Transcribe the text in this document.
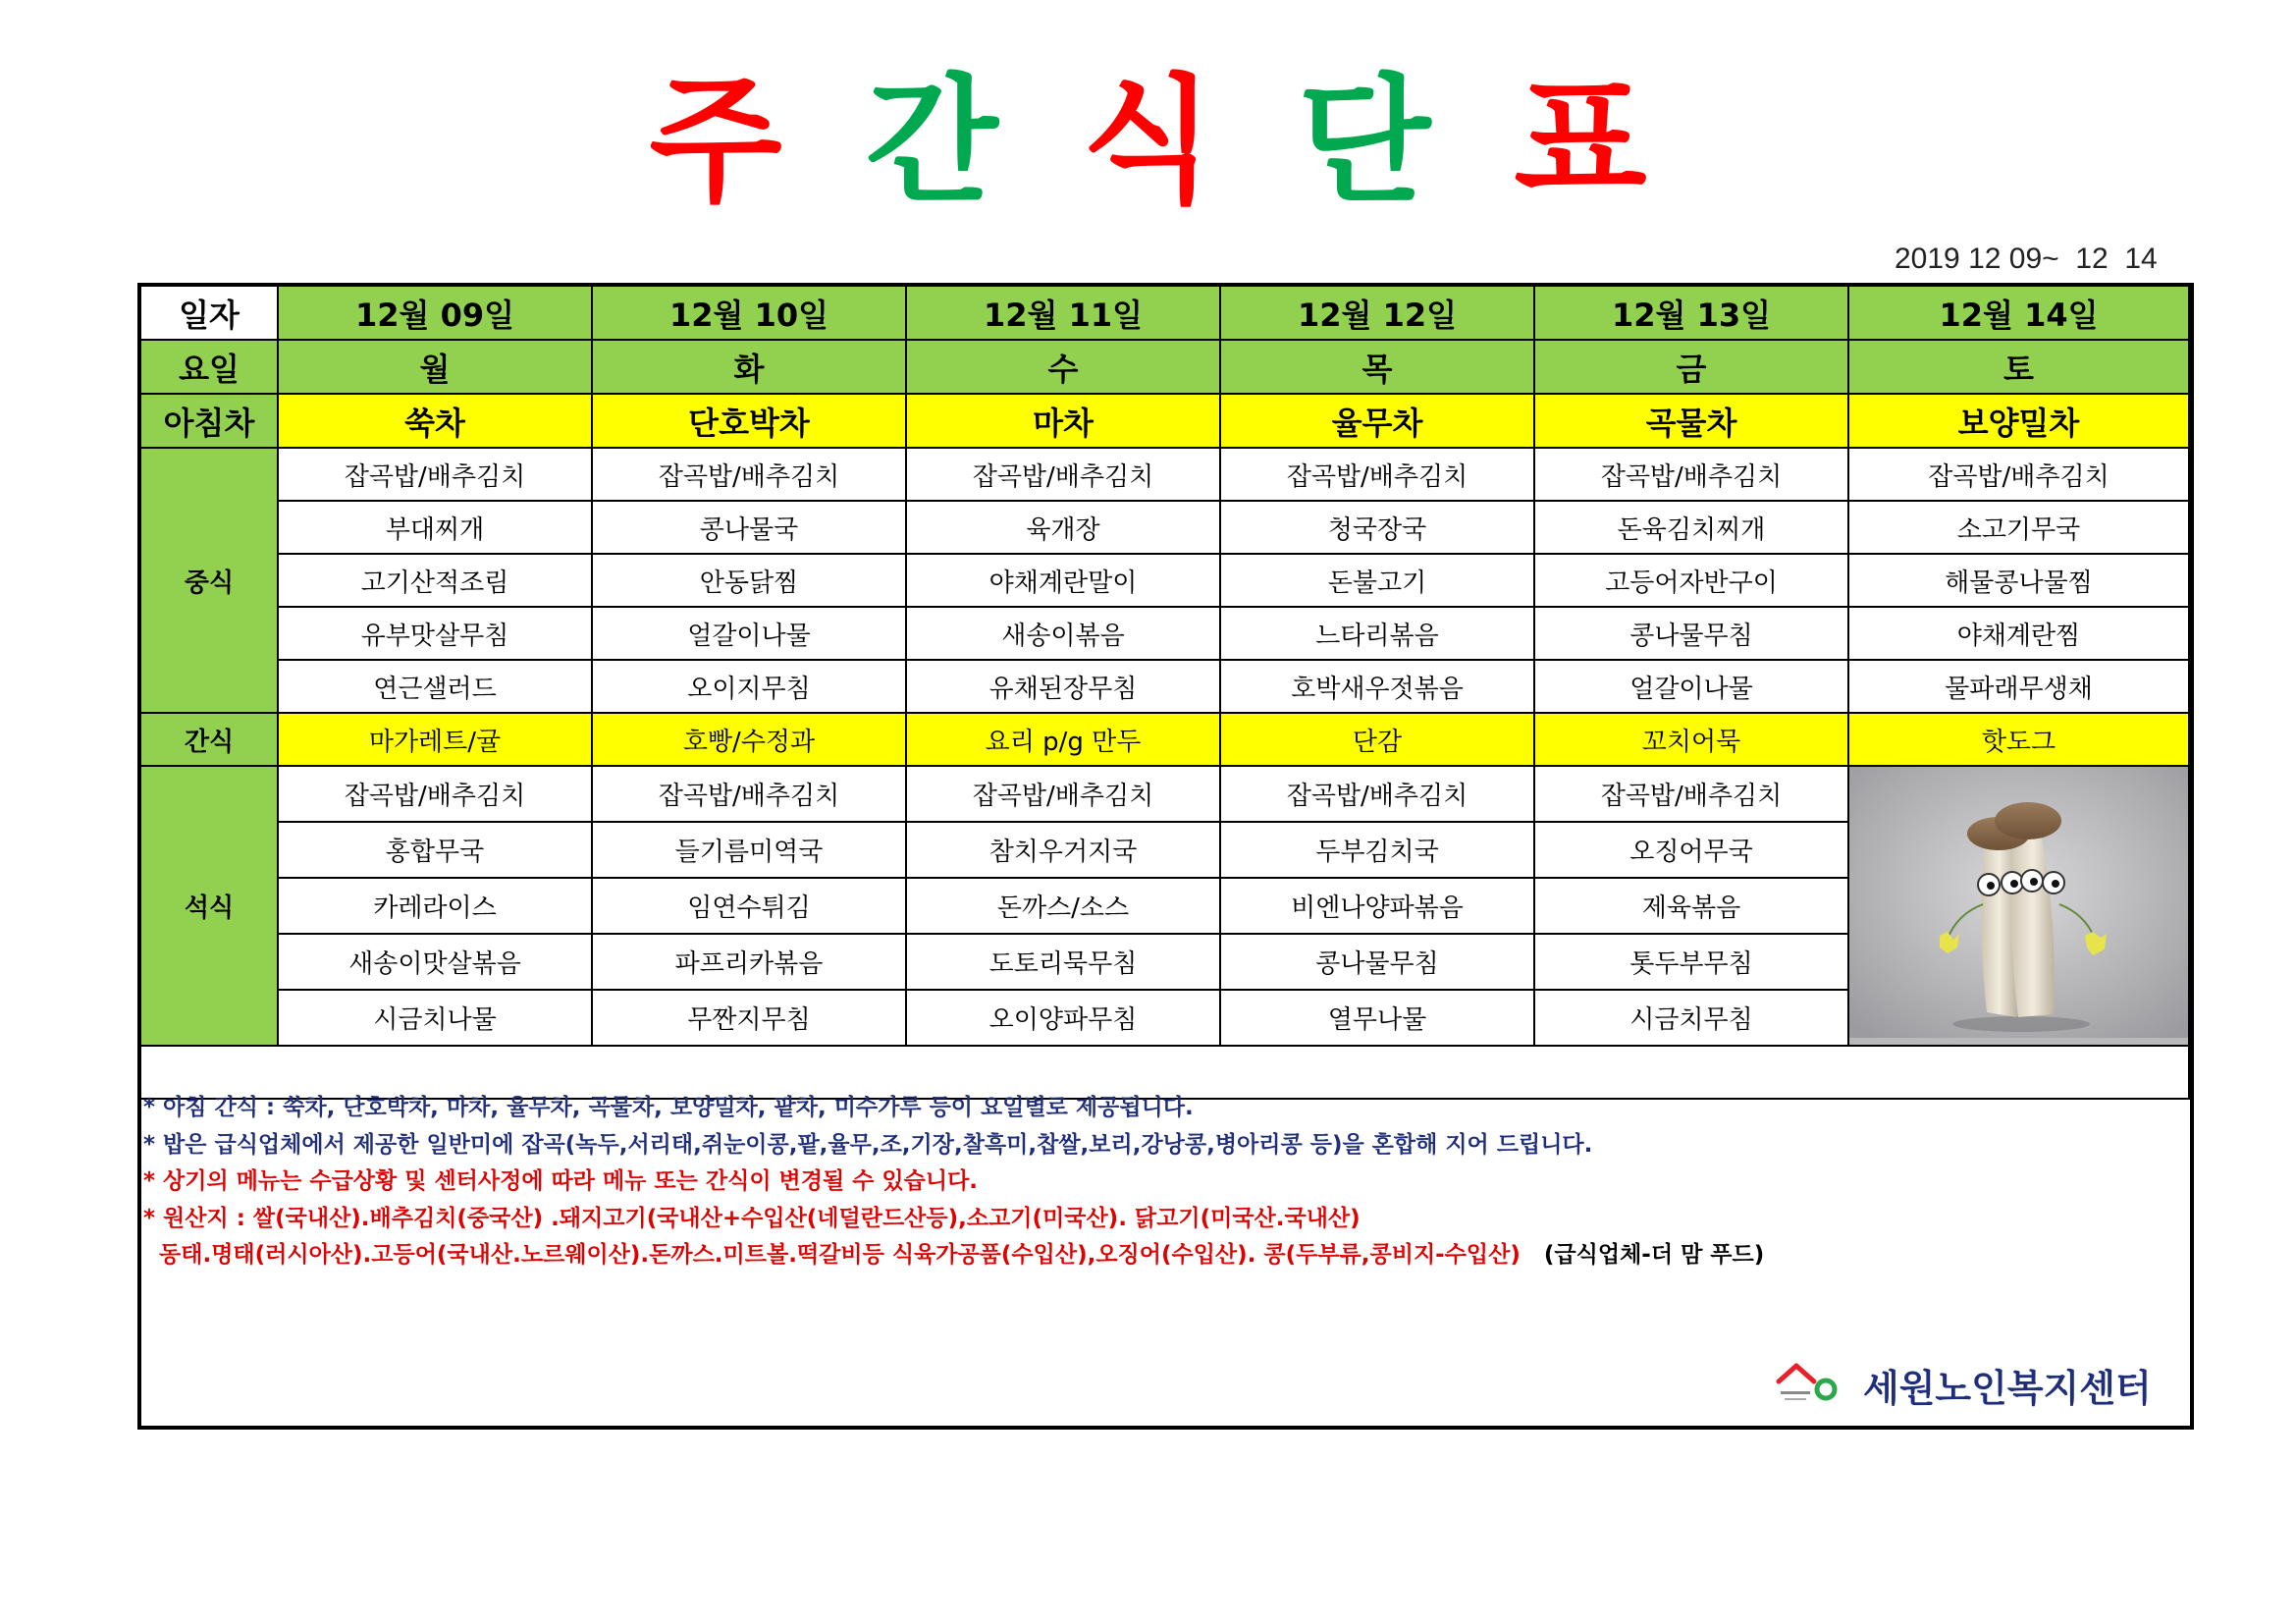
주 간 식 단 표
2019 12 09~  12  14
일자	12월 09일	12월 10일	12월 11일	12월 12일	12월 13일	12월 14일
요일	월	화	수	목	금	토
아침차	쑥차	단호박차	마차	율무차	곡물차	보양밀차
중식	잡곡밥/배추김치	잡곡밥/배추김치	잡곡밥/배추김치	잡곡밥/배추김치	잡곡밥/배추김치	잡곡밥/배추김치
	부대찌개	콩나물국	육개장	청국장국	돈육김치찌개	소고기무국
	고기산적조림	안동닭찜	야채계란말이	돈불고기	고등어자반구이	해물콩나물찜
	유부맛살무침	얼갈이나물	새송이볶음	느타리볶음	콩나물무침	야채계란찜
	연근샐러드	오이지무침	유채된장무침	호박새우젓볶음	얼갈이나물	물파래무생채
간식	마가레트/귤	호빵/수정과	요리 p/g 만두	단감	꼬치어묵	핫도그
석식	잡곡밥/배추김치	잡곡밥/배추김치	잡곡밥/배추김치	잡곡밥/배추김치	잡곡밥/배추김치	
	홍합무국	들기름미역국	참치우거지국	두부김치국	오징어무국	
	카레라이스	임연수튀김	돈까스/소스	비엔나양파볶음	제육볶음	
	새송이맛살볶음	파프리카볶음	도토리묵무침	콩나물무침	톳두부무침	
	시금치나물	무짠지무침	오이양파무침	열무나물	시금치무침	

* 아침 간식 : 쑥차, 단호박차, 마차, 율무차, 곡물차, 보양밀차, 팥차, 미수가루 등이 요일별로 제공됩니다.
* 밥은 급식업체에서 제공한 일반미에 잡곡(녹두,서리태,쥐눈이콩,팥,율무,조,기장,찰흑미,찹쌀,보리,강낭콩,병아리콩 등)을 혼합해 지어 드립니다.
* 상기의 메뉴는 수급상황 및 센터사정에 따라 메뉴 또는 간식이 변경될 수 있습니다.
* 원산지 : 쌀(국내산).배추김치(중국산) .돼지고기(국내산+수입산(네덜란드산등),소고기(미국산). 닭고기(미국산.국내산)
동태.명태(러시아산).고등어(국내산.노르웨이산).돈까스.미트볼.떡갈비등 식육가공품(수입산),오징어(수입산). 콩(두부류,콩비지-수입산)   (급식업체-더 맘 푸드)
세원노인복지센터
